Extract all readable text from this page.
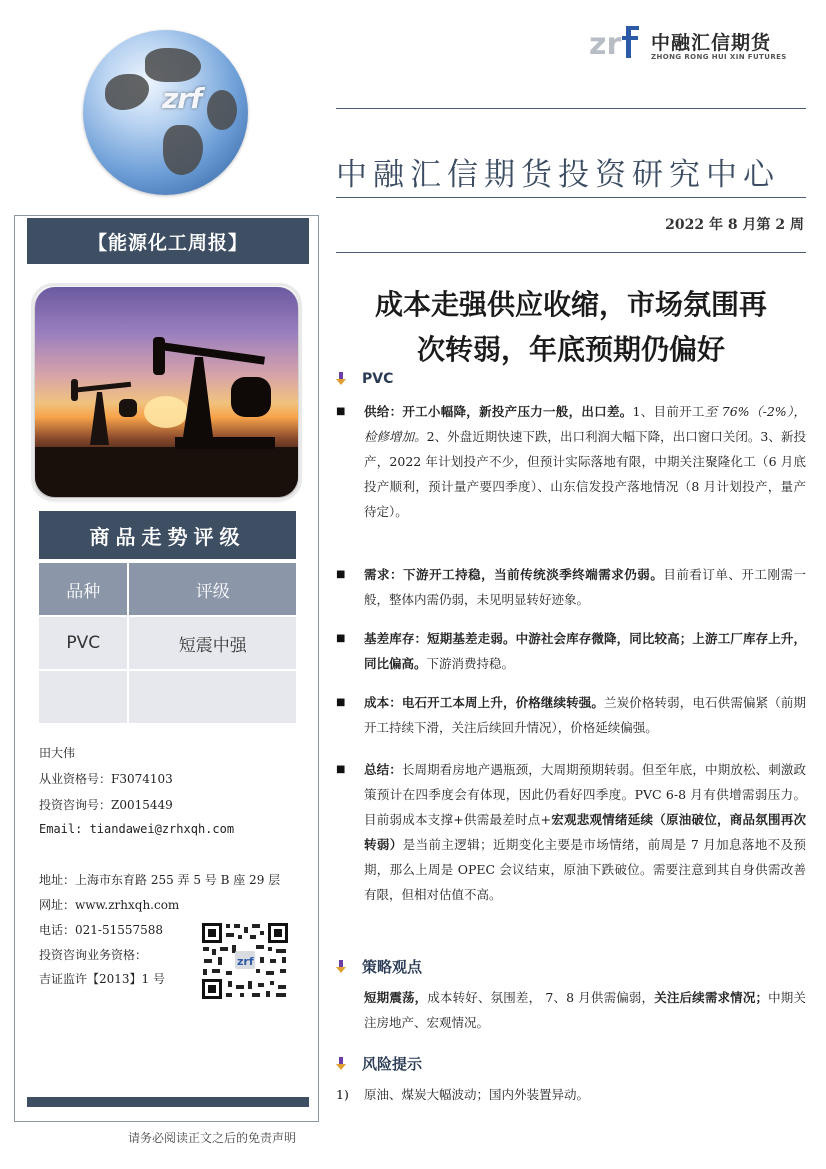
zrf
zr 中融汇信期货
ZHONG RONG HUI XIN FUTURES
中融汇信期货投资研究中心
2022 年 8 月第 2 周
【能源化工周报】
商品走势评级
品种	评级
PVC	短震中强

田大伟
从业资格号：F3074103
投资咨询号：Z0015449
Email: tiandawei@zrhxqh.com
地址：上海市东育路 255 弄 5 号 B 座 29 层
网址：www.zrhxqh.com
电话：021-51557588
投资咨询业务资格：
吉证监许【2013】1 号
zrf
请务必阅读正文之后的免责声明
成本走强供应收缩，市场氛围再
次转弱，年底预期仍偏好
PVC
■ 供给：开工小幅降，新投产压力一般，出口差。1、目前开工至 76%（-2%），检修增加。2、外盘近期快速下跌，出口利润大幅下降，出口窗口关闭。3、新投产，2022 年计划投产不少，但预计实际落地有限，中期关注聚隆化工（6 月底投产顺利，预计量产要四季度）、山东信发投产落地情况（8 月计划投产，量产待定）。
■ 需求：下游开工持稳，当前传统淡季终端需求仍弱。目前看订单、开工刚需一般，整体内需仍弱，未见明显转好迹象。
■ 基差库存：短期基差走弱。中游社会库存微降，同比较高；上游工厂库存上升，同比偏高。下游消费持稳。
■ 成本：电石开工本周上升，价格继续转强。兰炭价格转弱，电石供需偏紧（前期开工持续下滑，关注后续回升情况），价格延续偏强。
■ 总结：长周期看房地产遇瓶颈，大周期预期转弱。但至年底，中期放松、刺激政策预计在四季度会有体现，因此仍看好四季度。PVC 6-8 月有供增需弱压力。目前弱成本支撑+供需最差时点+宏观悲观情绪延续（原油破位，商品氛围再次转弱）是当前主逻辑；近期变化主要是市场情绪，前周是 7 月加息落地不及预期，那么上周是 OPEC 会议结束，原油下跌破位。需要注意到其自身供需改善有限，但相对估值不高。
策略观点
短期震荡，成本转好、氛围差， 7、8 月供需偏弱，关注后续需求情况；中期关注房地产、宏观情况。
风险提示
1) 原油、煤炭大幅波动；国内外装置异动。
